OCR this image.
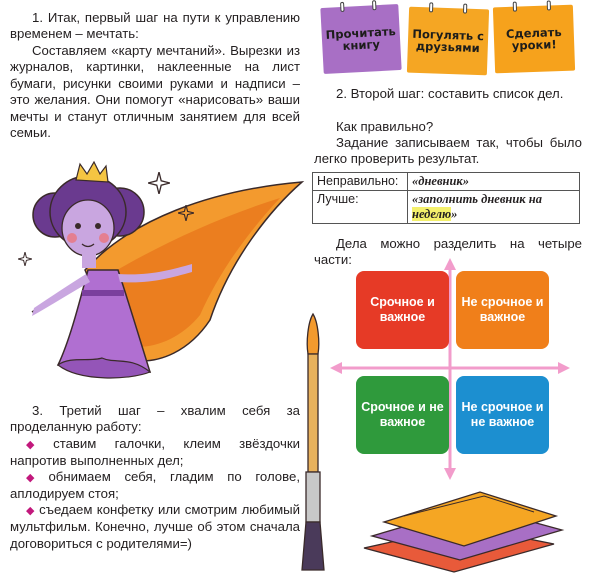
1. Итак, первый шаг на пути к управлению временем – мечтать:
Составляем «карту мечтаний». Вырезки из журналов, картинки, наклеенные на лист бумаги, рисунки своими руками и надписи – это желания. Они помогут «нарисовать» ваши мечты и станут отличным занятием для всей семьи.
3. Третий шаг – хвалим себя за проделанную работу:
◆ ставим галочки, клеим звёздочки напротив выполненных дел;
◆ обнимаем себя, гладим по голове, аплодируем стоя;
◆ съедаем конфетку или смотрим любимый мультфильм. Конечно, лучше об этом сначала договориться с родителями=)
Прочитать книгу
Погулять с друзьями
Сделать уроки!
2. Второй шаг: составить список дел.
Как правильно?
Задание записываем так, чтобы было легко проверить результат.
Неправильно:	«дневник»
Лучше:	«заполнить дневник на неделю»
Дела можно разделить на четыре части:
Срочное и важное
Не срочное и важное
Срочное и не важное
Не срочное и не важное
